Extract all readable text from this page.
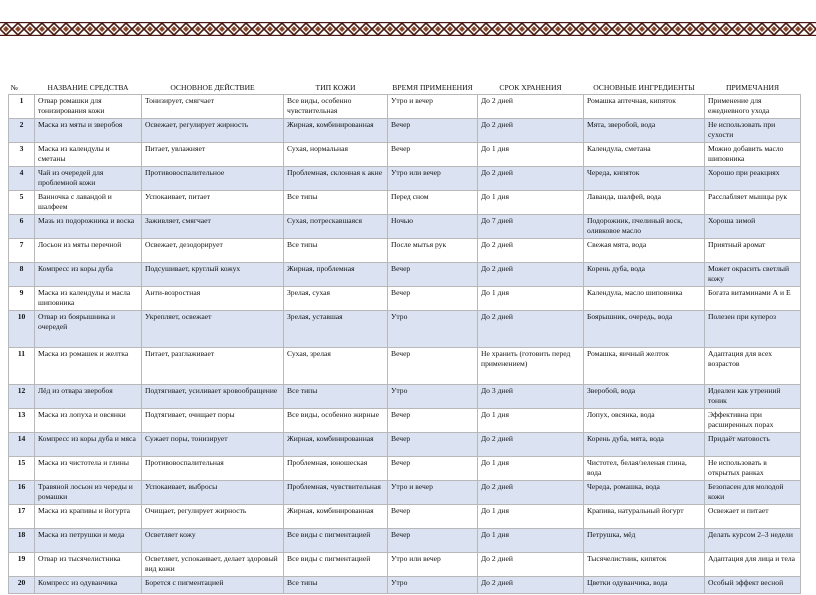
№	НАЗВАНИЕ СРЕДСТВА	ОСНОВНОЕ ДЕЙСТВИЕ	ТИП КОЖИ	ВРЕМЯ ПРИМЕНЕНИЯ	СРОК ХРАНЕНИЯ	ОСНОВНЫЕ ИНГРЕДИЕНТЫ	ПРИМЕЧАНИЯ
1	Отвар ромашки для тонизирования кожи	Тонизирует, смягчает	Все виды, особенно чувствительная	Утро и вечер	До 2 дней	Ромашка аптечная, кипяток	Применение для ежедневного ухода
2	Маска из мяты и зверобоя	Освежает, регулирует жирность	Жирная, комбинированная	Вечер	До 2 дней	Мята, зверобой, вода	Не использовать при сухости
3	Маска из календулы и сметаны	Питает, увлажняет	Сухая, нормальная	Вечер	До 1 дня	Календула, сметана	Можно добавить масло шиповника
4	Чай из очередей для проблемной кожи	Противовоспалительное	Проблемная, склонная к акне	Утро или вечер	До 2 дней	Череда, кипяток	Хорошо при реакциях
5	Ванночка с лавандой и шалфеем	Успокаивает, питает	Все типы	Перед сном	До 1 дня	Лаванда, шалфей, вода	Расслабляет мышцы рук
6	Мазь из подорожника и воска	Заживляет, смягчает	Сухая, потрескавшаяся	Ночью	До 7 дней	Подорожник, пчелиный воск, оливковое масло	Хороша зимой
7	Лосьон из мяты перечной	Освежает, дезодорирует	Все типы	После мытья рук	До 2 дней	Свежая мята, вода	Приятный аромат
8	Компресс из коры дуба	Подсушивает, круглый кожух	Жирная, проблемная	Вечер	До 2 дней	Корень дуба, вода	Может окрасить светлый кожу
9	Маска из календулы и масла шиповника	Анти-возростная	Зрелая, сухая	Вечер	До 1 дня	Календула, масло шиповника	Богата витаминами А и Е
10	Отвар из боярышника и очередей	Укрепляет, освежает	Зрелая, уставшая	Утро	До 2 дней	Боярышник, очередь, вода	Полезен при купероз
11	Маска из ромашек и желтка	Питает, разглаживает	Сухая, зрелая	Вечер	Не хранить (готовить перед применением)	Ромашка, яичный желток	Адаптация для всех возрастов
12	Лёд из отвара зверобоя	Подтягивает, усиливает кровообращение	Все типы	Утро	До 3 дней	Зверобой, вода	Идеален как утренний тоник
13	Маска из лопуха и овсянки	Подтягивает, очищает поры	Все виды, особенно жирные	Вечер	До 1 дня	Лопух, овсянка, вода	Эффективна при расширенных порах
14	Компресс из коры дуба и мяса	Сужает поры, тонизирует	Жирная, комбинированная	Вечер	До 2 дней	Корень дуба, мята, вода	Придаёт матовость
15	Маска из чистотела и глины	Противовоспалительная	Проблемная, юношеская	Вечер	До 1 дня	Чистотел, белая/зеленая глина, вода	Не использовать в открытых ранках
16	Травяной лосьон из череды и ромашки	Успокаивает, выбросы	Проблемная, чувствительная	Утро и вечер	До 2 дней	Череда, ромашка, вода	Безопасен для молодой кожи
17	Маска из крапивы и йогурта	Очищает, регулирует жирность	Жирная, комбинированная	Вечер	До 1 дня	Крапива, натуральный йогурт	Освежает и питает
18	Маска из петрушки и меда	Осветляет кожу	Все виды с пигментацией	Вечер	До 1 дня	Петрушка, мёд	Делать курсом 2–3 недели
19	Отвар из тысячелистника	Осветляет, успокаивает, делает здоровый вид кожи	Все виды с пигментацией	Утро или вечер	До 2 дней	Тысячелистник, кипяток	Адаптация для лица и тела
20	Компресс из одуванчика	Борется с пигментацией	Все типы	Утро	До 2 дней	Цветки одуванчика, вода	Особый эффект весной
